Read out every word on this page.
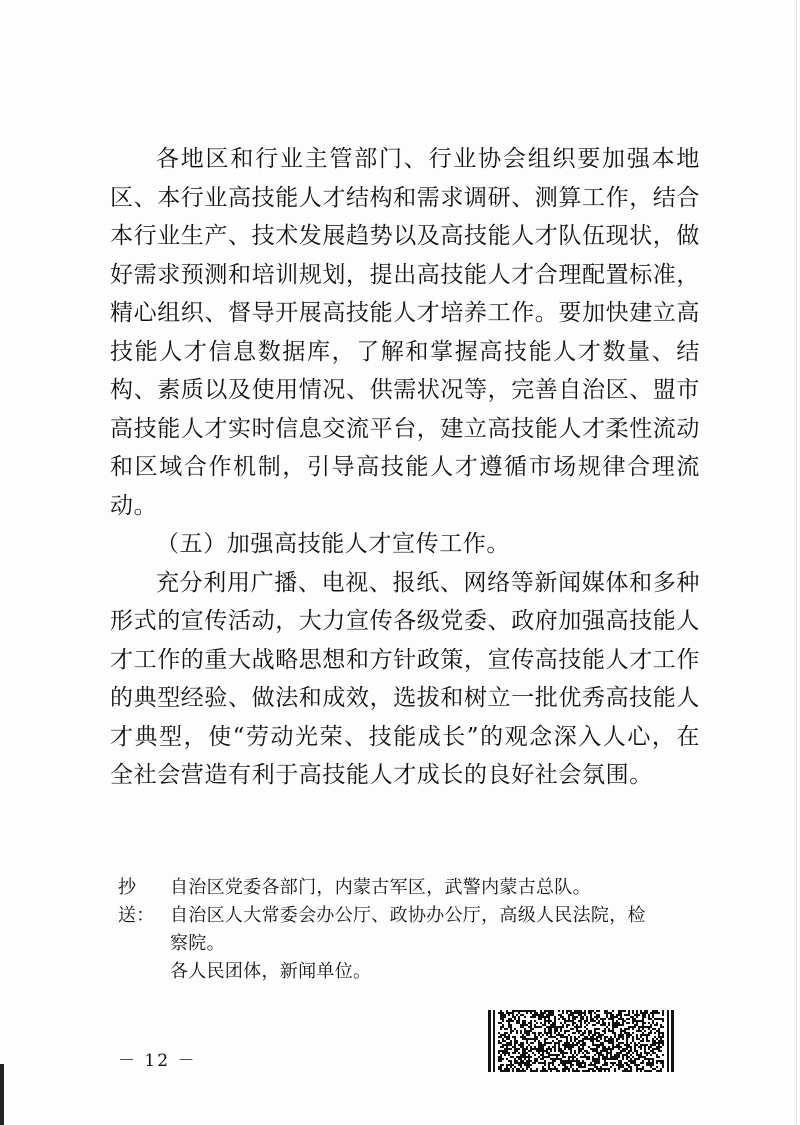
各地区和行业主管部门、行业协会组织要加强本地区、本行业高技能人才结构和需求调研、测算工作，结合本行业生产、技术发展趋势以及高技能人才队伍现状，做好需求预测和培训规划，提出高技能人才合理配置标准，精心组织、督导开展高技能人才培养工作。要加快建立高技能人才信息数据库，了解和掌握高技能人才数量、结构、素质以及使用情况、供需状况等，完善自治区、盟市高技能人才实时信息交流平台，建立高技能人才柔性流动和区域合作机制，引导高技能人才遵循市场规律合理流动。

（五）加强高技能人才宣传工作。

充分利用广播、电视、报纸、网络等新闻媒体和多种形式的宣传活动，大力宣传各级党委、政府加强高技能人才工作的重大战略思想和方针政策，宣传高技能人才工作的典型经验、做法和成效，选拔和树立一批优秀高技能人才典型，使“劳动光荣、技能成长”的观念深入人心，在全社会营造有利于高技能人才成长的良好社会氛围。

抄送：
自治区党委各部门，内蒙古军区，武警内蒙古总队。
自治区人大常委会办公厅、政协办公厅，高级人民法院，检
察院。
各人民团体，新闻单位。
－ 12 －
